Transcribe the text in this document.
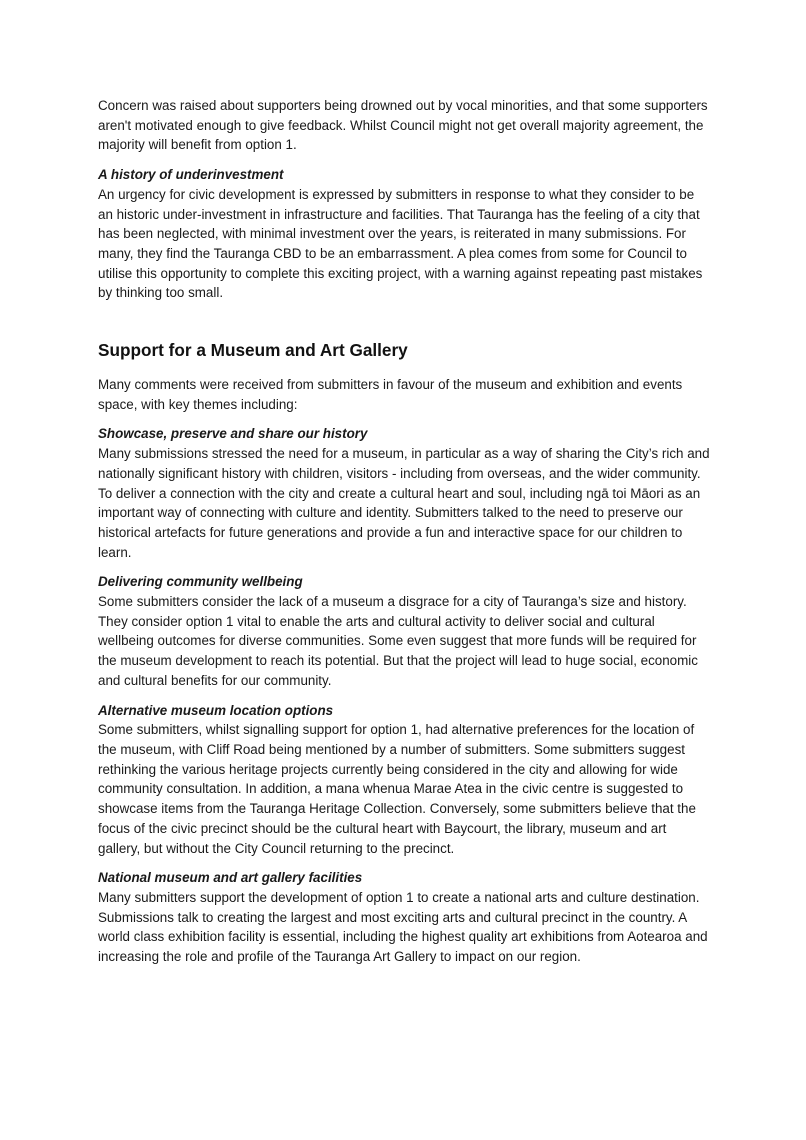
Concern was raised about supporters being drowned out by vocal minorities, and that some supporters aren't motivated enough to give feedback. Whilst Council might not get overall majority agreement, the majority will benefit from option 1.

A history of underinvestment

An urgency for civic development is expressed by submitters in response to what they consider to be an historic under-investment in infrastructure and facilities. That Tauranga has the feeling of a city that has been neglected, with minimal investment over the years, is reiterated in many submissions. For many, they find the Tauranga CBD to be an embarrassment. A plea comes from some for Council to utilise this opportunity to complete this exciting project, with a warning against repeating past mistakes by thinking too small.

Support for a Museum and Art Gallery

Many comments were received from submitters in favour of the museum and exhibition and events space, with key themes including:

Showcase, preserve and share our history

Many submissions stressed the need for a museum, in particular as a way of sharing the City’s rich and nationally significant history with children, visitors - including from overseas, and the wider community. To deliver a connection with the city and create a cultural heart and soul, including ngā toi Māori as an important way of connecting with culture and identity. Submitters talked to the need to preserve our historical artefacts for future generations and provide a fun and interactive space for our children to learn.

Delivering community wellbeing

Some submitters consider the lack of a museum a disgrace for a city of Tauranga’s size and history. They consider option 1 vital to enable the arts and cultural activity to deliver social and cultural wellbeing outcomes for diverse communities. Some even suggest that more funds will be required for the museum development to reach its potential. But that the project will lead to huge social, economic and cultural benefits for our community.

Alternative museum location options

Some submitters, whilst signalling support for option 1, had alternative preferences for the location of the museum, with Cliff Road being mentioned by a number of submitters. Some submitters suggest rethinking the various heritage projects currently being considered in the city and allowing for wide community consultation. In addition, a mana whenua Marae Atea in the civic centre is suggested to showcase items from the Tauranga Heritage Collection. Conversely, some submitters believe that the focus of the civic precinct should be the cultural heart with Baycourt, the library, museum and art gallery, but without the City Council returning to the precinct.

National museum and art gallery facilities

Many submitters support the development of option 1 to create a national arts and culture destination. Submissions talk to creating the largest and most exciting arts and cultural precinct in the country. A world class exhibition facility is essential, including the highest quality art exhibitions from Aotearoa and increasing the role and profile of the Tauranga Art Gallery to impact on our region.
